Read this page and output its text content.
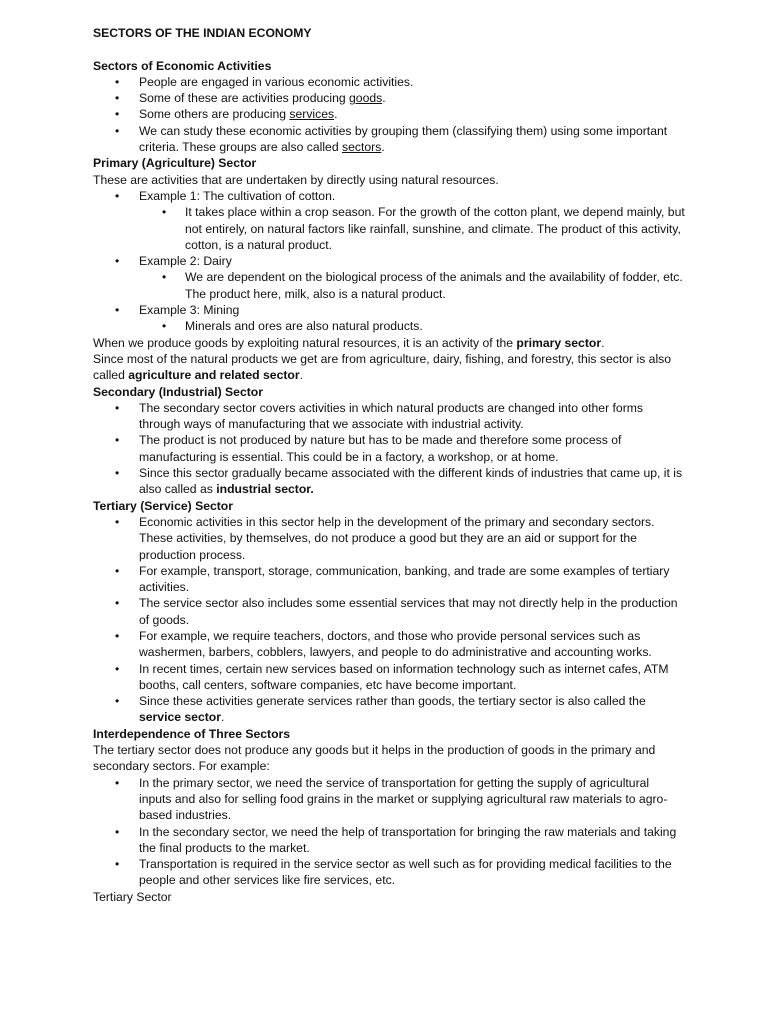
SECTORS OF THE INDIAN ECONOMY

Sectors of Economic Activities

• People are engaged in various economic activities.
• Some of these are activities producing goods.
• Some others are producing services.
• We can study these economic activities by grouping them (classifying them) using some important criteria. These groups are also called sectors.

Primary (Agriculture) Sector

These are activities that are undertaken by directly using natural resources.

• Example 1: The cultivation of cotton.
• It takes place within a crop season. For the growth of the cotton plant, we depend mainly, but not entirely, on natural factors like rainfall, sunshine, and climate. The product of this activity, cotton, is a natural product.
• Example 2: Dairy
• We are dependent on the biological process of the animals and the availability of fodder, etc. The product here, milk, also is a natural product.
• Example 3: Mining
• Minerals and ores are also natural products.

When we produce goods by exploiting natural resources, it is an activity of the primary sector.

Since most of the natural products we get are from agriculture, dairy, fishing, and forestry, this sector is also called agriculture and related sector.

Secondary (Industrial) Sector

• The secondary sector covers activities in which natural products are changed into other forms through ways of manufacturing that we associate with industrial activity.
• The product is not produced by nature but has to be made and therefore some process of manufacturing is essential. This could be in a factory, a workshop, or at home.
• Since this sector gradually became associated with the different kinds of industries that came up, it is also called as industrial sector.

Tertiary (Service) Sector

• Economic activities in this sector help in the development of the primary and secondary sectors. These activities, by themselves, do not produce a good but they are an aid or support for the production process.
• For example, transport, storage, communication, banking, and trade are some examples of tertiary activities.
• The service sector also includes some essential services that may not directly help in the production of goods.
• For example, we require teachers, doctors, and those who provide personal services such as washermen, barbers, cobblers, lawyers, and people to do administrative and accounting works.
• In recent times, certain new services based on information technology such as internet cafes, ATM booths, call centers, software companies, etc have become important.
• Since these activities generate services rather than goods, the tertiary sector is also called the service sector.

Interdependence of Three Sectors

The tertiary sector does not produce any goods but it helps in the production of goods in the primary and secondary sectors. For example:

• In the primary sector, we need the service of transportation for getting the supply of agricultural inputs and also for selling food grains in the market or supplying agricultural raw materials to agro-based industries.
• In the secondary sector, we need the help of transportation for bringing the raw materials and taking the final products to the market.
• Transportation is required in the service sector as well such as for providing medical facilities to the people and other services like fire services, etc.

Tertiary Sector
